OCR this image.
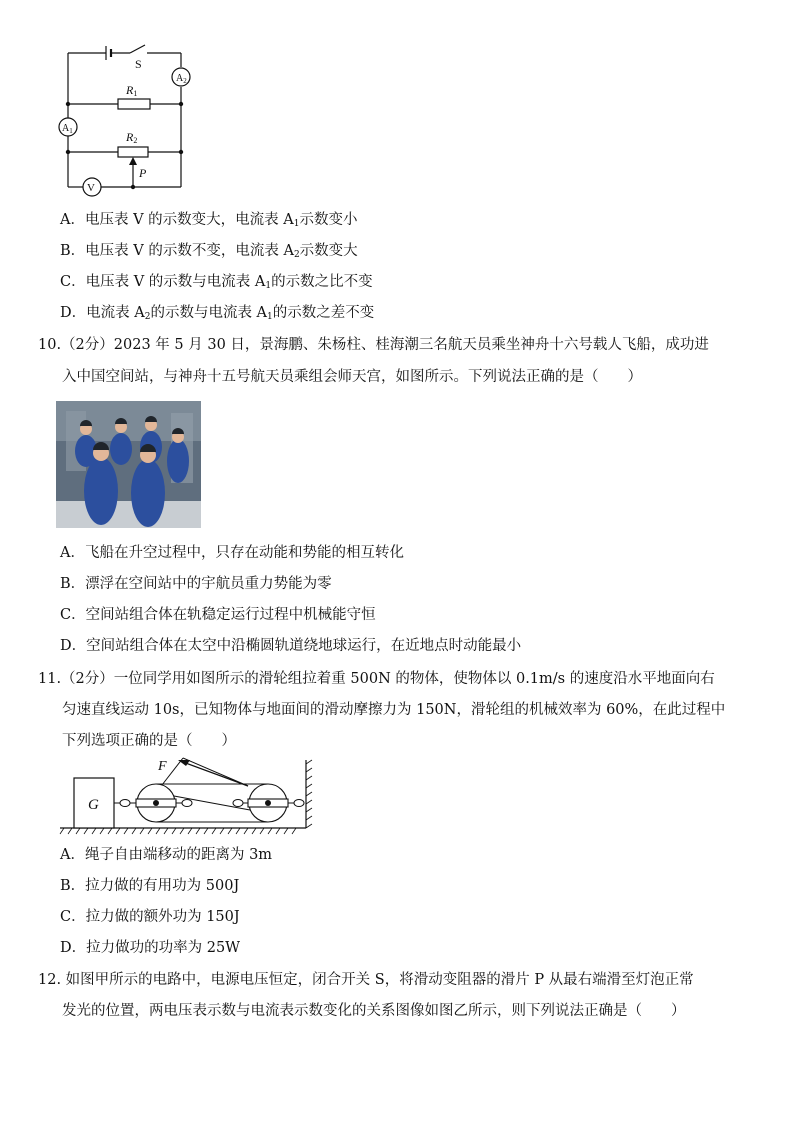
S
$A_2$
R1
$A_1$	R2
P
V
A．电压表 V 的示数变大，电流表 $A_1$示数变小
B．电压表 V 的示数不变，电流表 $A_2$示数变大
C．电压表 V 的示数与电流表 $A_1$的示数之比不变
D．电流表 $A_2$的示数与电流表 $A_1$的示数之差不变
10.（2分）2023 年 5 月 30 日，景海鹏、朱杨柱、桂海潮三名航天员乘坐神舟十六号载人飞船，成功进
入中国空间站，与神舟十五号航天员乘组会师天宫，如图所示。下列说法正确的是（　　）
A．飞船在升空过程中，只存在动能和势能的相互转化
B．漂浮在空间站中的宇航员重力势能为零
C．空间站组合体在轨稳定运行过程中机械能守恒
D．空间站组合体在太空中沿椭圆轨道绕地球运行，在近地点时动能最小
11.（2分）一位同学用如图所示的滑轮组拉着重 500N 的物体，使物体以 0.1m/s 的速度沿水平地面向右
匀速直线运动 10s，已知物体与地面间的滑动摩擦力为 150N，滑轮组的机械效率为 60%，在此过程中
下列选项正确的是（　　）
G
F
A．绳子自由端移动的距离为 3m
B．拉力做的有用功为 500J
C．拉力做的额外功为 150J
D．拉力做功的功率为 25W
12. 如图甲所示的电路中，电源电压恒定，闭合开关 S，将滑动变阻器的滑片 P 从最右端滑至灯泡正常
发光的位置，两电压表示数与电流表示数变化的关系图像如图乙所示，则下列说法正确是（　　）
